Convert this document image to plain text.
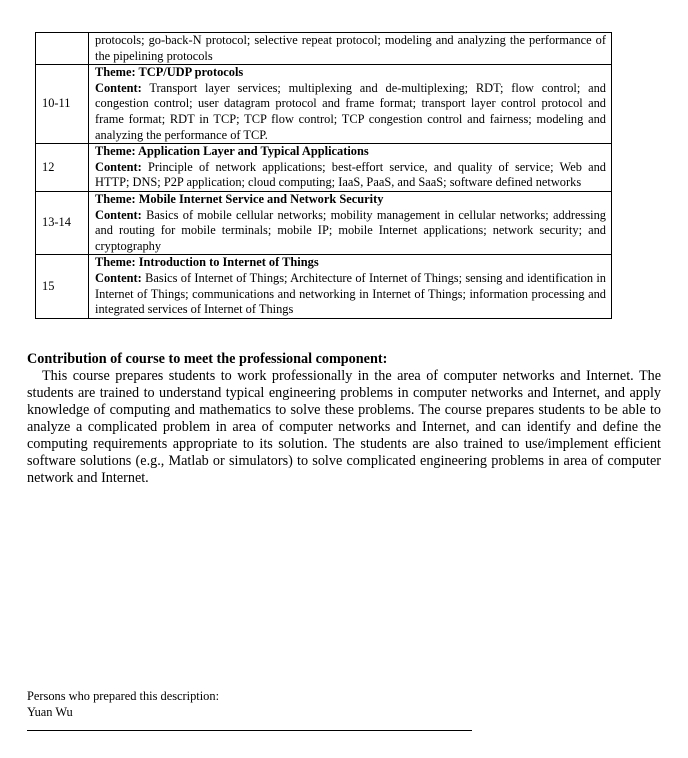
	protocols; go-back-N protocol; selective repeat protocol; modeling and analyzing the performance of the pipelining protocols
10-11	Theme: TCP/UDP protocols
Content: Transport layer services; multiplexing and de-multiplexing; RDT; flow control; and congestion control; user datagram protocol and frame format; transport layer control protocol and frame format; RDT in TCP; TCP flow control; TCP congestion control and fairness; modeling and analyzing the performance of TCP.

12	Theme: Application Layer and Typical Applications
Content: Principle of network applications; best-effort service, and quality of service; Web and HTTP; DNS; P2P application; cloud computing; IaaS, PaaS, and SaaS; software defined networks

13-14	Theme: Mobile Internet Service and Network Security
Content: Basics of mobile cellular networks; mobility management in cellular networks; addressing and routing for mobile terminals; mobile IP; mobile Internet applications; network security; and cryptography

15	Theme: Introduction to Internet of Things
Content: Basics of Internet of Things; Architecture of Internet of Things; sensing and identification in Internet of Things; communications and networking in Internet of Things; information processing and integrated services of Internet of Things

Contribution of course to meet the professional component:

This course prepares students to work professionally in the area of computer networks and Internet. The students are trained to understand typical engineering problems in computer networks and Internet, and apply knowledge of computing and mathematics to solve these problems. The course prepares students to be able to analyze a complicated problem in area of computer networks and Internet, and can identify and define the computing requirements appropriate to its solution. The students are also trained to use/implement efficient software solutions (e.g., Matlab or simulators) to solve complicated engineering problems in area of computer network and Internet.

Persons who prepared this description:
Yuan Wu
